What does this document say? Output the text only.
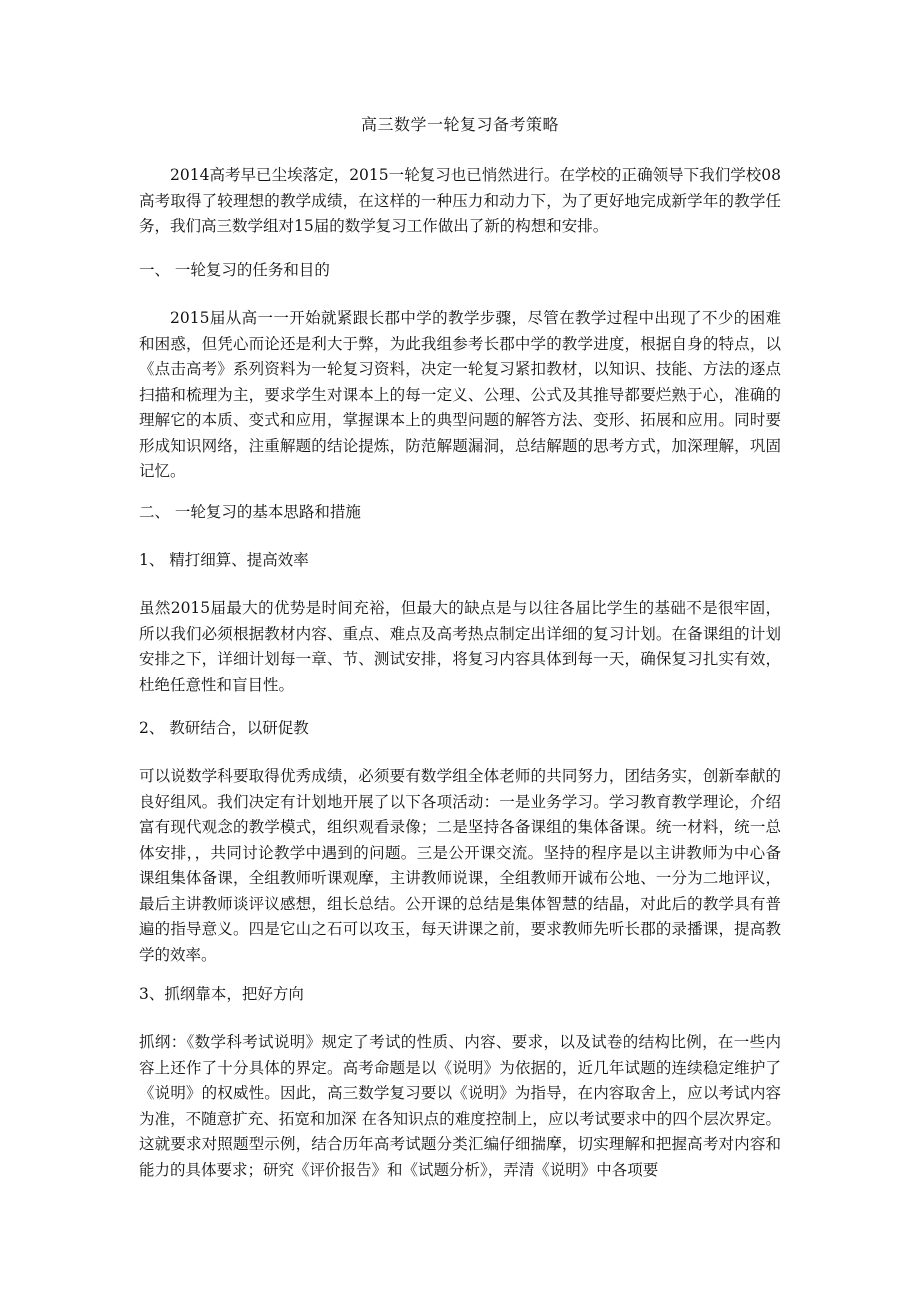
高三数学一轮复习备考策略

2014高考早已尘埃落定，2015一轮复习也已悄然进行。在学校的正确领导下我们学校08高考取得了较理想的教学成绩，在这样的一种压力和动力下，为了更好地完成新学年的教学任务，我们高三数学组对15届的数学复习工作做出了新的构想和安排。

一、 一轮复习的任务和目的

2015届从高一一开始就紧跟长郡中学的教学步骤，尽管在教学过程中出现了不少的困难和困惑，但凭心而论还是利大于弊，为此我组参考长郡中学的教学进度，根据自身的特点，以《点击高考》系列资料为一轮复习资料，决定一轮复习紧扣教材，以知识、技能、方法的逐点扫描和梳理为主，要求学生对课本上的每一定义、公理、公式及其推导都要烂熟于心，准确的理解它的本质、变式和应用，掌握课本上的典型问题的解答方法、变形、拓展和应用。同时要形成知识网络，注重解题的结论提炼，防范解题漏洞，总结解题的思考方式，加深理解，巩固记忆。

二、 一轮复习的基本思路和措施

1、 精打细算、提高效率

虽然2015届最大的优势是时间充裕，但最大的缺点是与以往各届比学生的基础不是很牢固，所以我们必须根据教材内容、重点、难点及高考热点制定出详细的复习计划。在备课组的计划安排之下，详细计划每一章、节、测试安排，将复习内容具体到每一天，确保复习扎实有效，杜绝任意性和盲目性。

2、 教研结合，以研促教

可以说数学科要取得优秀成绩，必须要有数学组全体老师的共同努力，团结务实，创新奉献的良好组风。我们决定有计划地开展了以下各项活动：一是业务学习。学习教育教学理论，介绍富有现代观念的教学模式，组织观看录像；二是坚持各备课组的集体备课。统一材料，统一总体安排，，共同讨论教学中遇到的问题。三是公开课交流。坚持的程序是以主讲教师为中心备课组集体备课，全组教师听课观摩，主讲教师说课，全组教师开诚布公地、一分为二地评议，最后主讲教师谈评议感想，组长总结。公开课的总结是集体智慧的结晶，对此后的教学具有普遍的指导意义。四是它山之石可以攻玉，每天讲课之前，要求教师先听长郡的录播课，提高教学的效率。

3、抓纲靠本，把好方向

抓纲：《数学科考试说明》规定了考试的性质、内容、要求，以及试卷的结构比例，在一些内容上还作了十分具体的界定。高考命题是以《说明》为依据的，近几年试题的连续稳定维护了《说明》的权威性。因此，高三数学复习要以《说明》为指导，在内容取舍上，应以考试内容为准，不随意扩充、拓宽和加深 在各知识点的难度控制上，应以考试要求中的四个层次界定。这就要求对照题型示例，结合历年高考试题分类汇编仔细揣摩，切实理解和把握高考对内容和能力的具体要求；研究《评价报告》和《试题分析》，弄清《说明》中各项要
